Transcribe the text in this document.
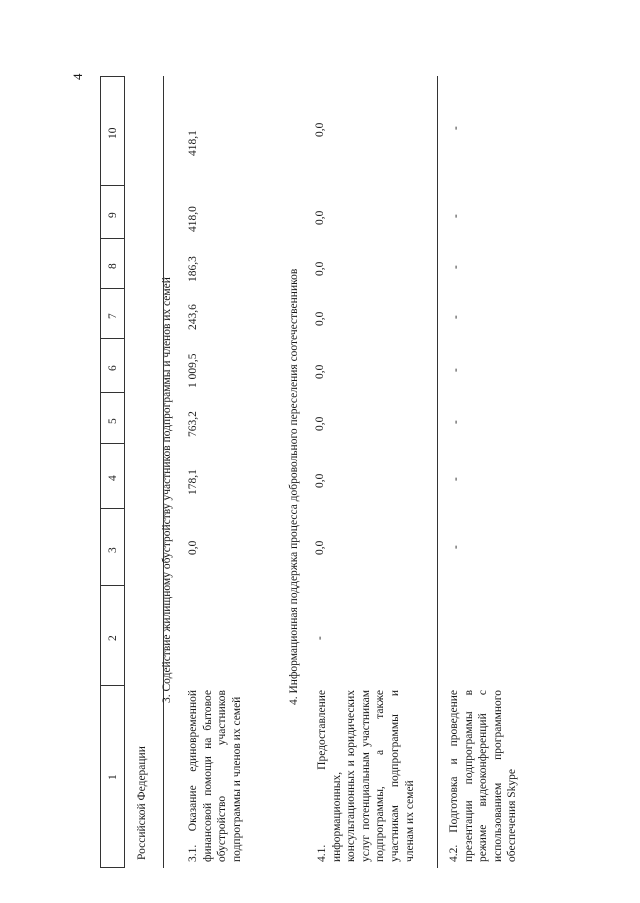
4
1
2
3
4
5
6
7
8
9
10
Российской Федерации
3. Содействие жилищному обустройству участников подпрограммы и членов их семей
3.1. Оказание единовременной финансовой помощи на бытовое обустройство участников подпрограммы и членов их семей
0,0
178,1
763,2
1 009,5
243,6
186,3
418,0
418,1
4. Информационная поддержка процесса добровольного переселения соотечественников
4.1. Предоставление информационных, консультационных и юридических услуг потенциальным участникам подпрограммы, а также участникам подпрограммы и членам их семей
-
0,0
0,0
0,0
0,0
0,0
0,0
0,0
0,0
4.2. Подготовка и проведение презентации подпрограммы в режиме видеоконференций с использованием программного обеспечения Skype
-
-
-
-
-
-
-
-
